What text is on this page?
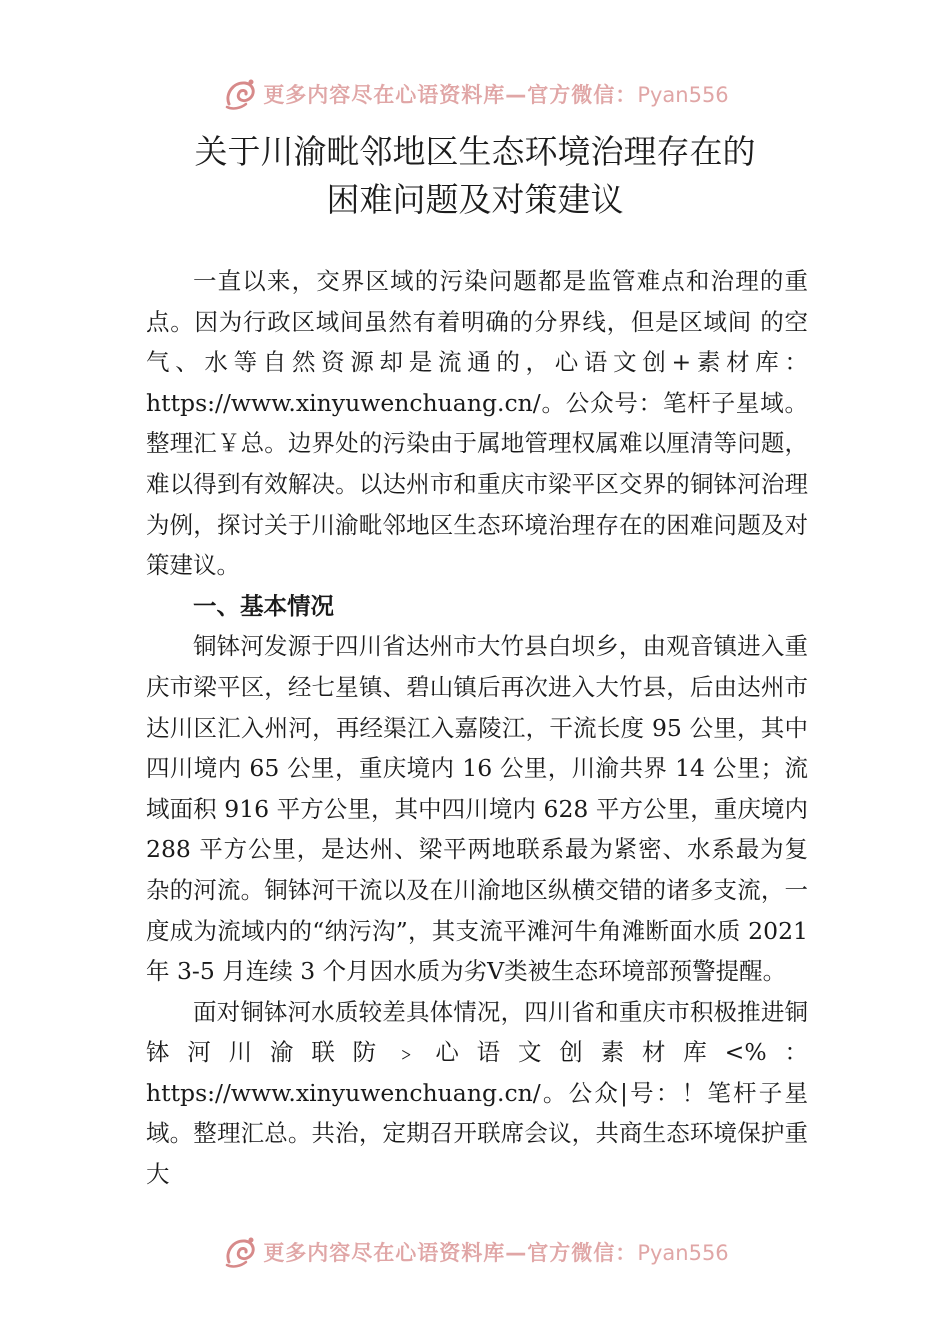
更多内容尽在心语资料库—官方微信：Pyan556
关于川渝毗邻地区生态环境治理存在的
困难问题及对策建议

一直以来，交界区域的污染问题都是监管难点和治理的重点。因为行政区域间虽然有着明确的分界线，但是区域间 的空气、水等自然资源却是流通的，心语文创+素材库：https://www.xinyuwenchuang.cn/。公众号：笔杆子星域。整理汇￥总。边界处的污染由于属地管理权属难以厘清等问题，难以得到有效解决。以达州市和重庆市梁平区交界的铜钵河治理为例，探讨关于川渝毗邻地区生态环境治理存在的困难问题及对策建议。

一、基本情况

铜钵河发源于四川省达州市大竹县白坝乡，由观音镇进入重庆市梁平区，经七星镇、碧山镇后再次进入大竹县，后由达州市达川区汇入州河，再经渠江入嘉陵江，干流长度 95 公里，其中四川境内 65 公里，重庆境内 16 公里，川渝共界 14 公里；流域面积 916 平方公里，其中四川境内 628 平方公里，重庆境内 288 平方公里，是达州、梁平两地联系最为紧密、水系最为复杂的河流。铜钵河干流以及在川渝地区纵横交错的诸多支流，一度成为流域内的“纳污沟”，其支流平滩河牛角滩断面水质 2021 年 3-5 月连续 3 个月因水质为劣Ⅴ类被生态环境部预警提醒。

面对铜钵河水质较差具体情况，四川省和重庆市积极推进铜钵河川渝联防﹥心语文创素材库<%：https://www.xinyuwenchuang.cn/。公众|号：！笔杆子星域。整理汇总。共治，定期召开联席会议，共商生态环境保护重大

更多内容尽在心语资料库—官方微信：Pyan556
